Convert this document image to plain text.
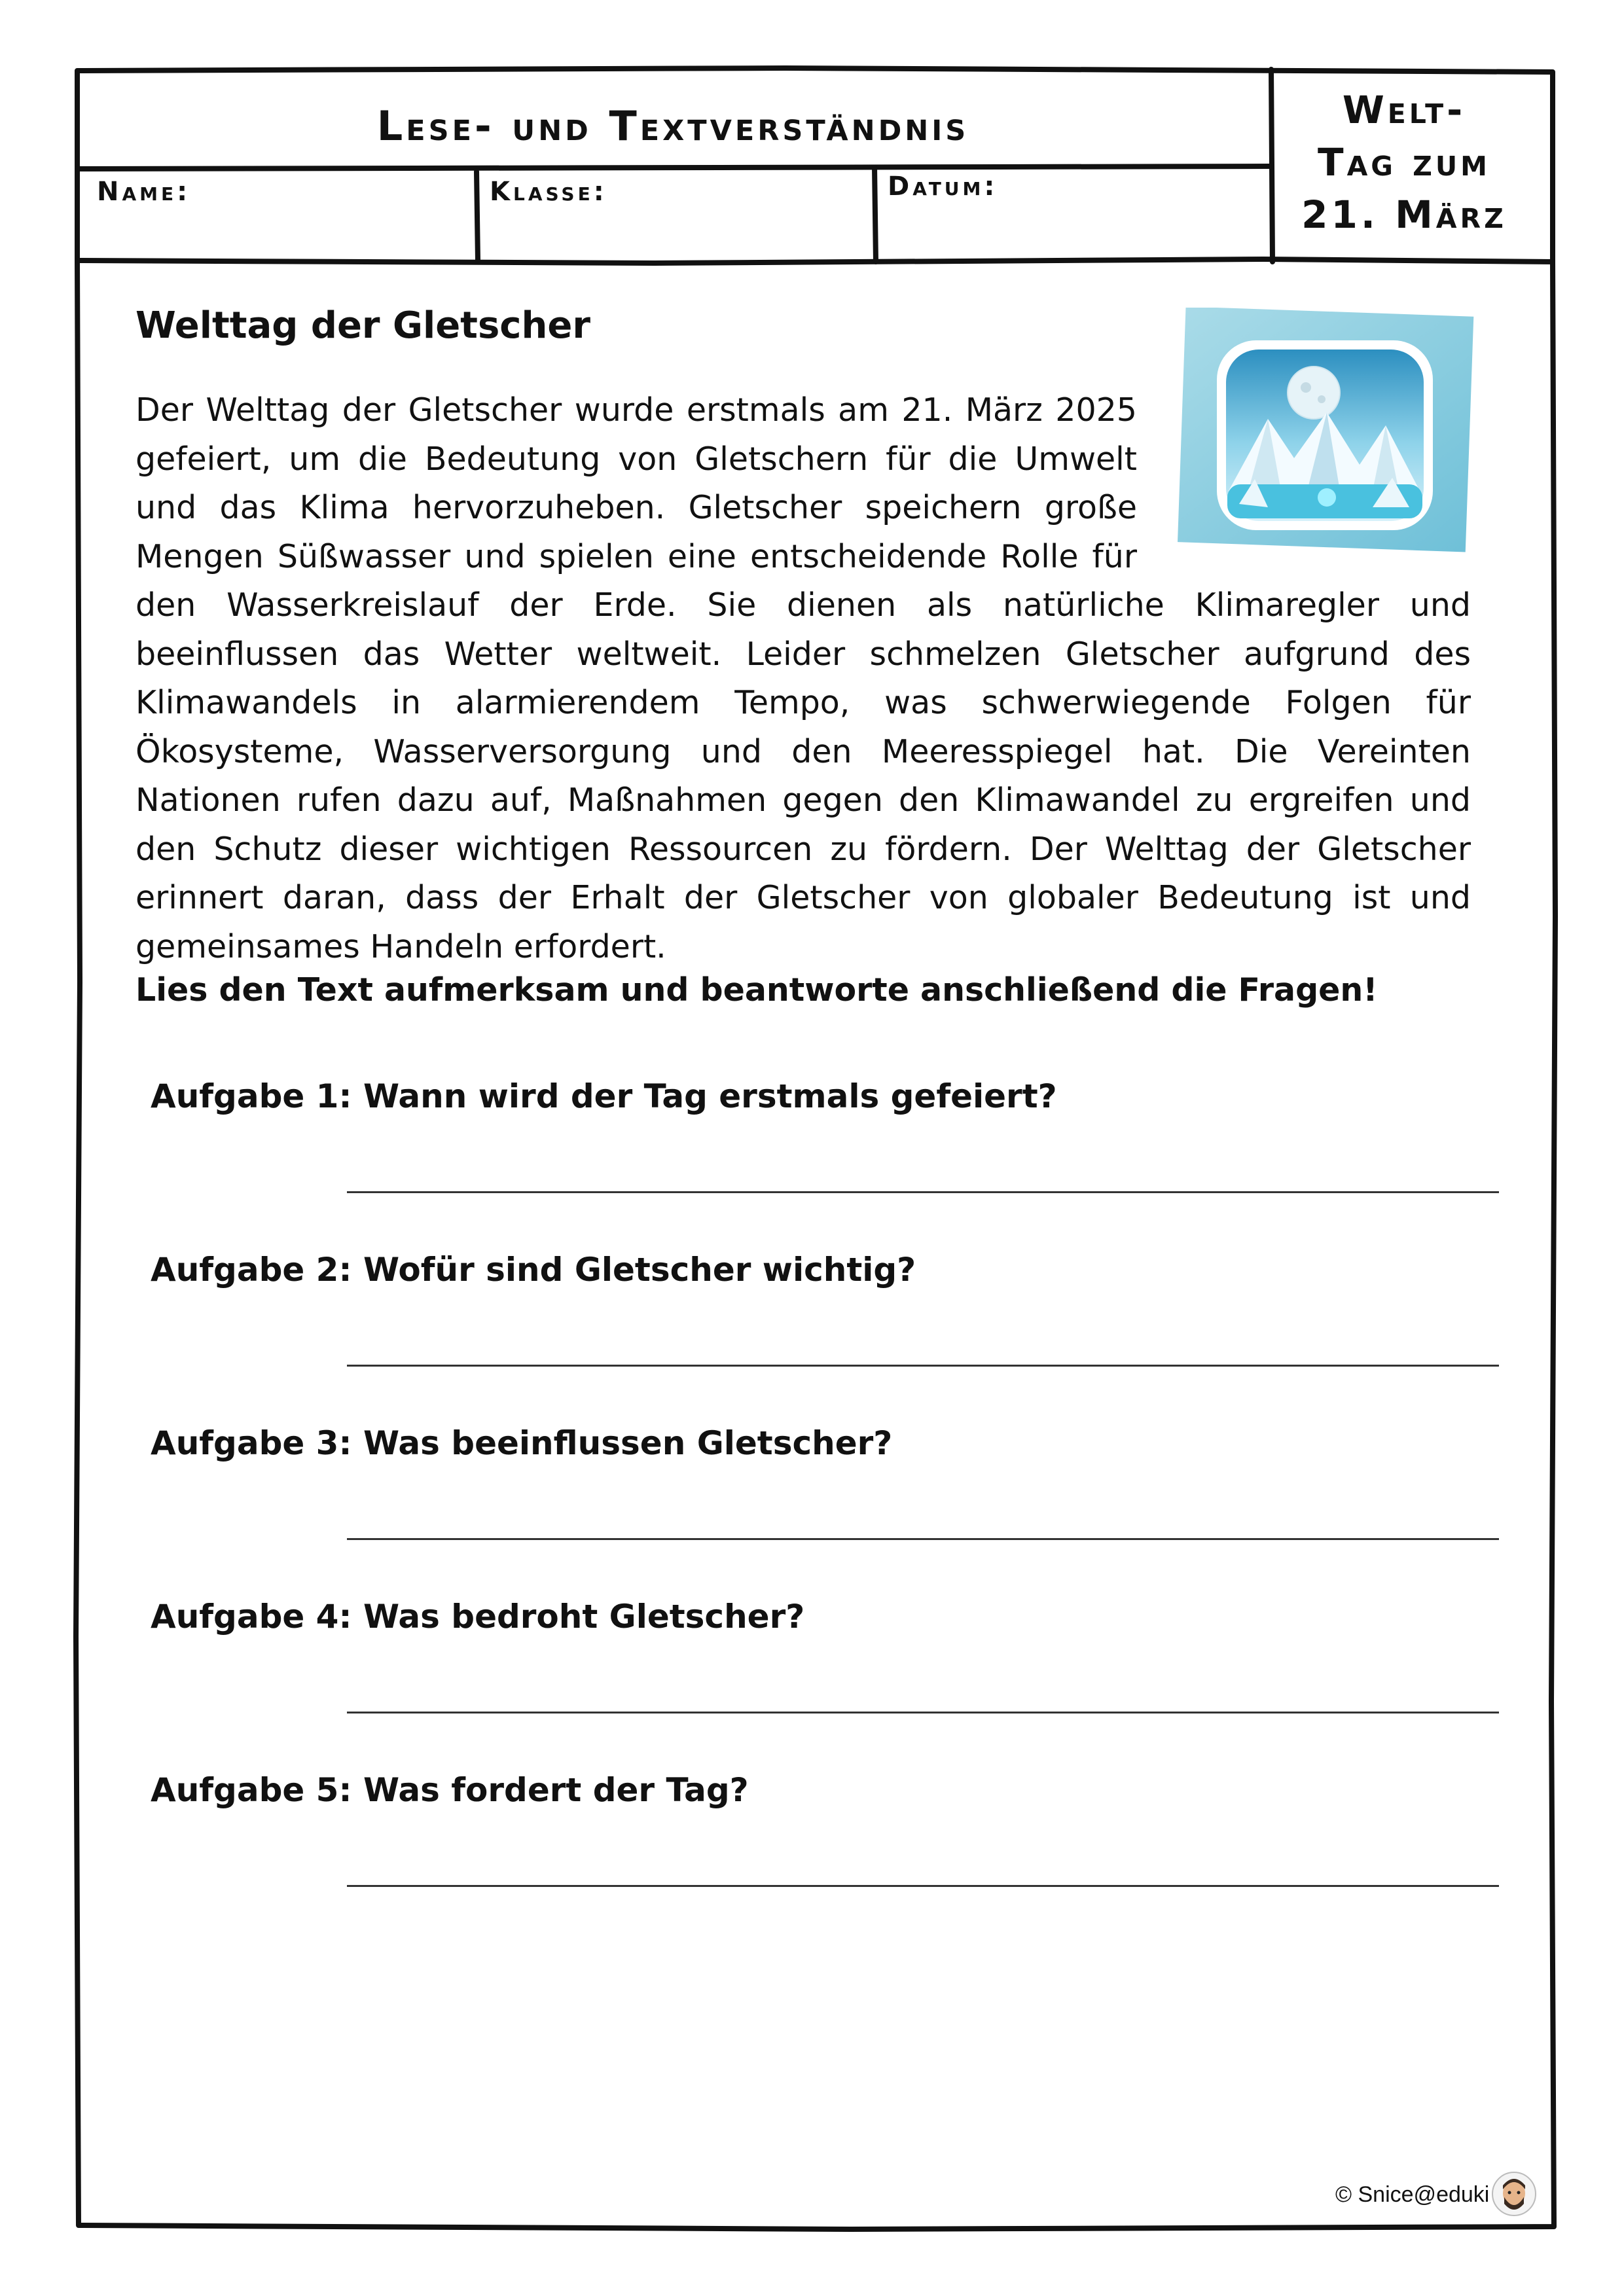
Lese- und Textverständnis
Name:	Klasse:	Datum:
Welt-
Tag zum
21. März
Welttag der Gletscher
Der Welttag der Gletscher wurde erstmals am 21. März 2025 gefeiert, um die Bedeutung von Gletschern für die Umwelt und das Klima hervorzuheben. Gletscher speichern große Mengen Süßwasser und spielen eine entscheidende Rolle für den Wasserkreislauf der Erde. Sie dienen als natürliche Klimaregler und beeinflussen das Wetter weltweit. Leider schmelzen Gletscher aufgrund des Klimawandels in alarmierendem Tempo, was schwerwiegende Folgen für Ökosysteme, Wasserversorgung und den Meeresspiegel hat. Die Vereinten Nationen rufen dazu auf, Maßnahmen gegen den Klimawandel zu ergreifen und den Schutz dieser wichtigen Ressourcen zu fördern. Der Welttag der Gletscher erinnert daran, dass der Erhalt der Gletscher von globaler Bedeutung ist und gemeinsames Handeln erfordert.
Lies den Text aufmerksam und beantworte anschließend die Fragen!
Aufgabe 1: Wann wird der Tag erstmals gefeiert?
Aufgabe 2: Wofür sind Gletscher wichtig?
Aufgabe 3: Was beeinflussen Gletscher?
Aufgabe 4: Was bedroht Gletscher?
Aufgabe 5: Was fordert der Tag?
© Snice@eduki
